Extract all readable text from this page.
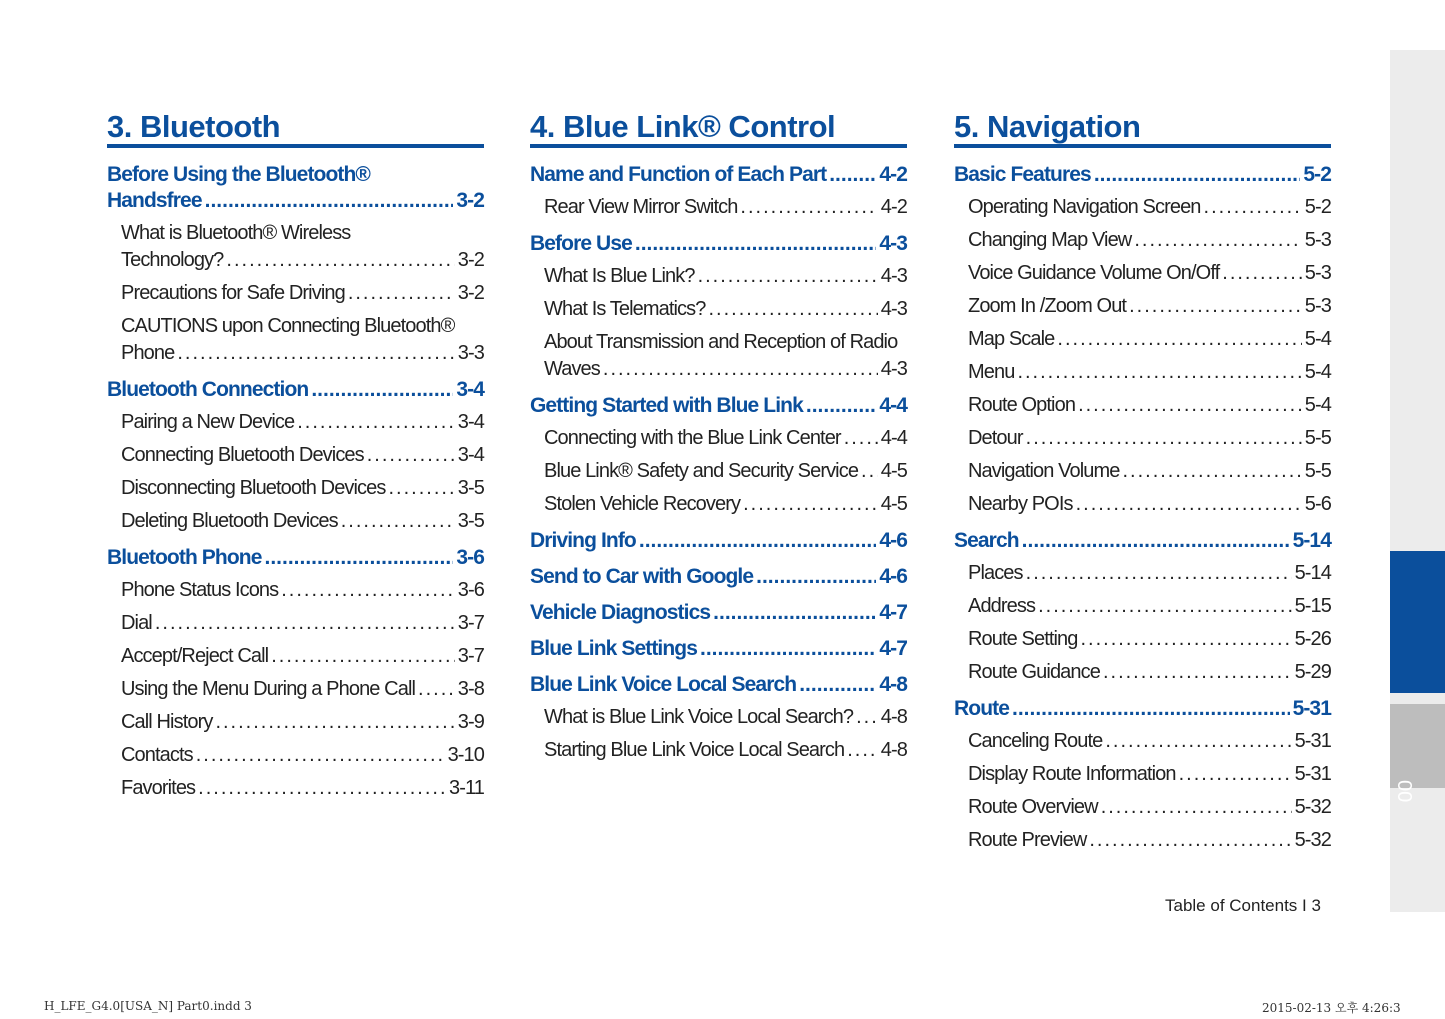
00
3. Bluetooth
Before Using the Bluetooth®
Handsfree .....	3-2
What is Bluetooth® Wireless
Technology? .....	3-2
Precautions for Safe Driving .....	3-2
CAUTIONS upon Connecting Bluetooth®
Phone .....	3-3
Bluetooth Connection .....	3-4
Pairing a New Device .....	3-4
Connecting Bluetooth Devices .....	3-4
Disconnecting Bluetooth Devices .....	3-5
Deleting Bluetooth Devices .....	3-5
Bluetooth Phone .....	3-6
Phone Status Icons .....	3-6
Dial .....	3-7
Accept/Reject Call .....	3-7
Using the Menu During a Phone Call ..... 3-8
Call History .....	3-9
Contacts .....	3-10
Favorites .....	3-11
4. Blue Link® Control
Name and Function of Each Part .....	4-2
Rear View Mirror Switch .....	4-2
Before Use .....	4-3
What Is Blue Link? .....	4-3
What Is Telematics? .....	4-3
About Transmission and Reception of Radio
Waves .....	4-3
Getting Started with Blue Link .....	4-4
Connecting with the Blue Link Center ..... 4-4
Blue Link® Safety and Security Service ..... 4-5
Stolen Vehicle Recovery .....	4-5
Driving Info .....	4-6
Send to Car with Google .....	4-6
Vehicle Diagnostics .....	4-7
Blue Link Settings .....	4-7
Blue Link Voice Local Search .....	4-8
What is Blue Link Voice Local Search? ..... 4-8
Starting Blue Link Voice Local Search ..... 4-8
5. Navigation
Basic Features .....	5-2
Operating Navigation Screen .....	5-2
Changing Map View .....	5-3
Voice Guidance Volume On/Off .....	5-3
Zoom In /Zoom Out .....	5-3
Map Scale .....	5-4
Menu .....	5-4
Route Option .....	5-4
Detour .....	5-5
Navigation Volume .....	5-5
Nearby POIs .....	5-6
Search .....	5-14
Places .....	5-14
Address .....	5-15
Route Setting .....	5-26
Route Guidance .....	5-29
Route .....	5-31
Canceling Route .....	5-31
Display Route Information .....	5-31
Route Overview .....	5-32
Route Preview .....	5-32
Table of Contents I 3
H_LFE_G4.0[USA_N] Part0.indd 3	2015-02-13 오후 4:26:3
